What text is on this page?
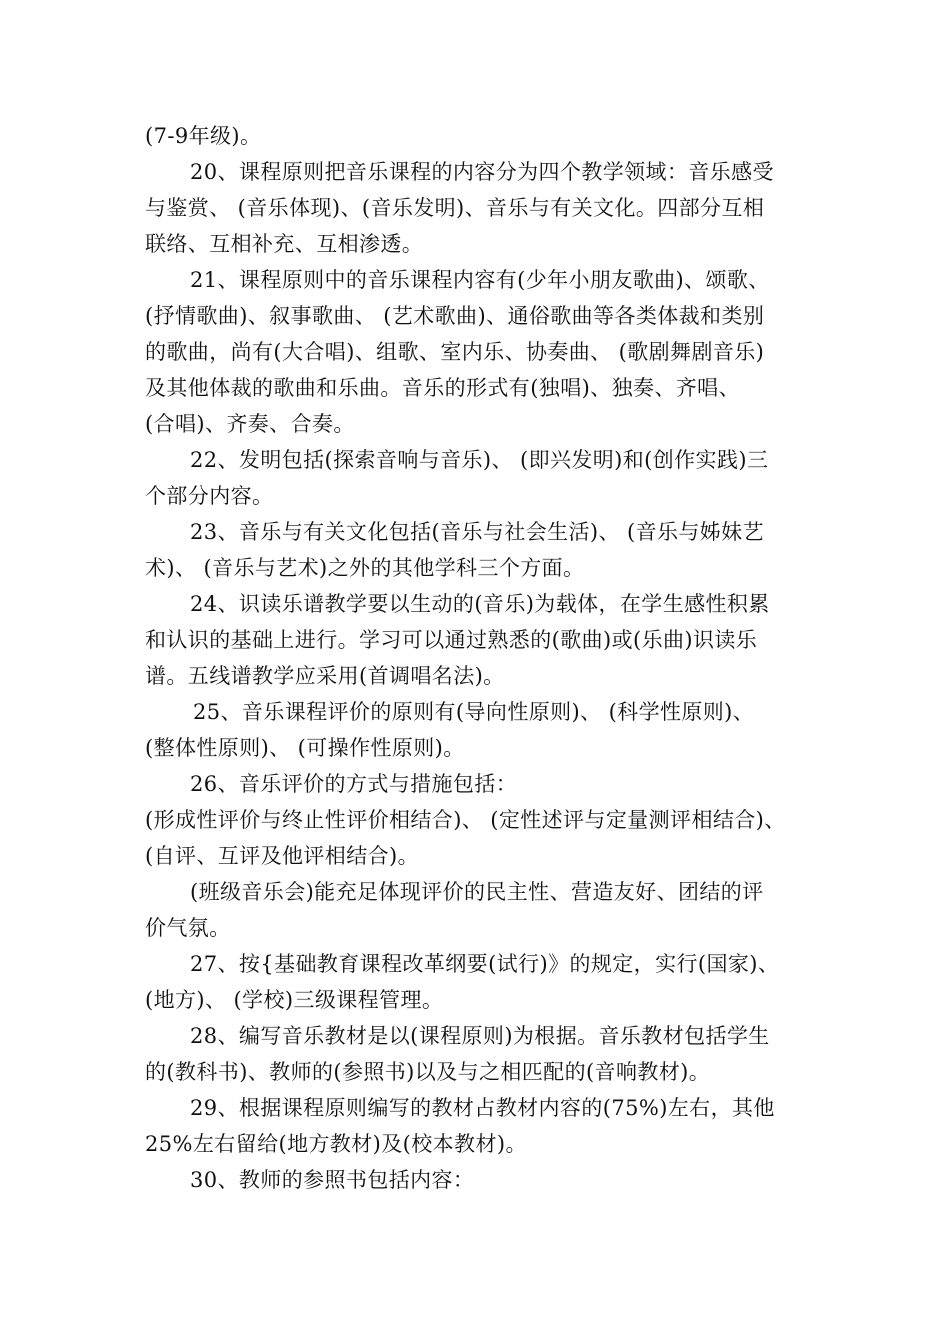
(7-9年级)。
20、课程原则把音乐课程的内容分为四个教学领域：音乐感受
与鉴赏、 (音乐体现)、(音乐发明)、音乐与有关文化。四部分互相
联络、互相补充、互相渗透。
21、课程原则中的音乐课程内容有(少年小朋友歌曲)、颂歌、
(抒情歌曲)、叙事歌曲、 (艺术歌曲)、通俗歌曲等各类体裁和类别
的歌曲，尚有(大合唱)、组歌、室内乐、协奏曲、 (歌剧舞剧音乐)
及其他体裁的歌曲和乐曲。音乐的形式有(独唱)、独奏、齐唱、
(合唱)、齐奏、合奏。
22、发明包括(探索音响与音乐)、 (即兴发明)和(创作实践)三
个部分内容。
23、音乐与有关文化包括(音乐与社会生活)、 (音乐与姊妹艺
术)、 (音乐与艺术)之外的其他学科三个方面。
24、识读乐谱教学要以生动的(音乐)为载体，在学生感性积累
和认识的基础上进行。学习可以通过熟悉的(歌曲)或(乐曲)识读乐
谱。五线谱教学应采用(首调唱名法)。
25、音乐课程评价的原则有(导向性原则)、 (科学性原则)、
(整体性原则)、 (可操作性原则)。
26、音乐评价的方式与措施包括：
(形成性评价与终止性评价相结合)、 (定性述评与定量测评相结合)、
(自评、互评及他评相结合)。
(班级音乐会)能充足体现评价的民主性、营造友好、团结的评
价气氛。
27、按{基础教育课程改革纲要(试行)》的规定，实行(国家)、
(地方)、 (学校)三级课程管理。
28、编写音乐教材是以(课程原则)为根据。音乐教材包括学生
的(教科书)、教师的(参照书)以及与之相匹配的(音响教材)。
29、根据课程原则编写的教材占教材内容的(75%)左右，其他
25%左右留给(地方教材)及(校本教材)。
30、教师的参照书包括内容：
